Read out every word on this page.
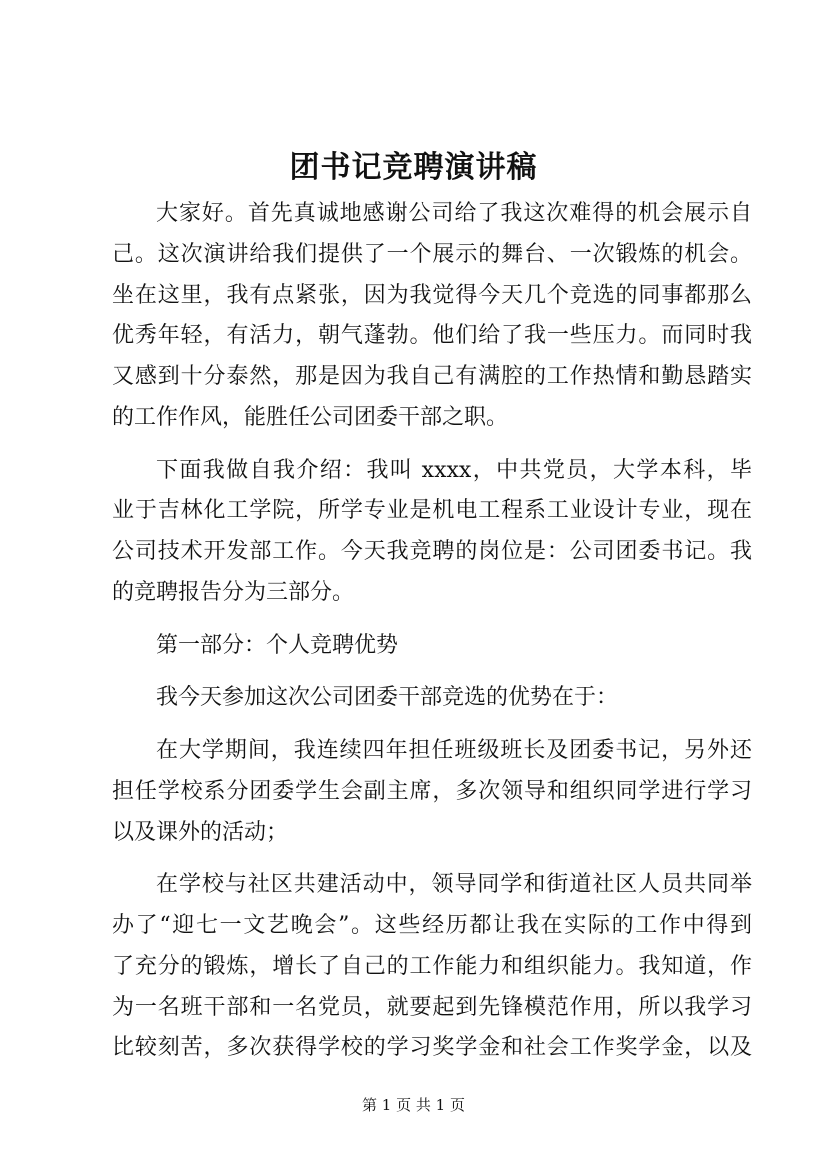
团书记竞聘演讲稿
大家好。首先真诚地感谢公司给了我这次难得的机会展示自
己。这次演讲给我们提供了一个展示的舞台、一次锻炼的机会。
坐在这里，我有点紧张，因为我觉得今天几个竞选的同事都那么
优秀年轻，有活力，朝气蓬勃。他们给了我一些压力。而同时我
又感到十分泰然，那是因为我自己有满腔的工作热情和勤恳踏实
的工作作风，能胜任公司团委干部之职。
下面我做自我介绍：我叫 xxxx，中共党员，大学本科，毕
业于吉林化工学院，所学专业是机电工程系工业设计专业，现在
公司技术开发部工作。今天我竞聘的岗位是：公司团委书记。我
的竞聘报告分为三部分。
第一部分：个人竞聘优势
我今天参加这次公司团委干部竞选的优势在于：
在大学期间，我连续四年担任班级班长及团委书记，另外还
担任学校系分团委学生会副主席，多次领导和组织同学进行学习
以及课外的活动；
在学校与社区共建活动中，领导同学和街道社区人员共同举
办了“迎七一文艺晚会”。这些经历都让我在实际的工作中得到
了充分的锻炼，增长了自己的工作能力和组织能力。我知道，作
为一名班干部和一名党员，就要起到先锋模范作用，所以我学习
比较刻苦，多次获得学校的学习奖学金和社会工作奖学金，以及
第 1 页 共 1 页
